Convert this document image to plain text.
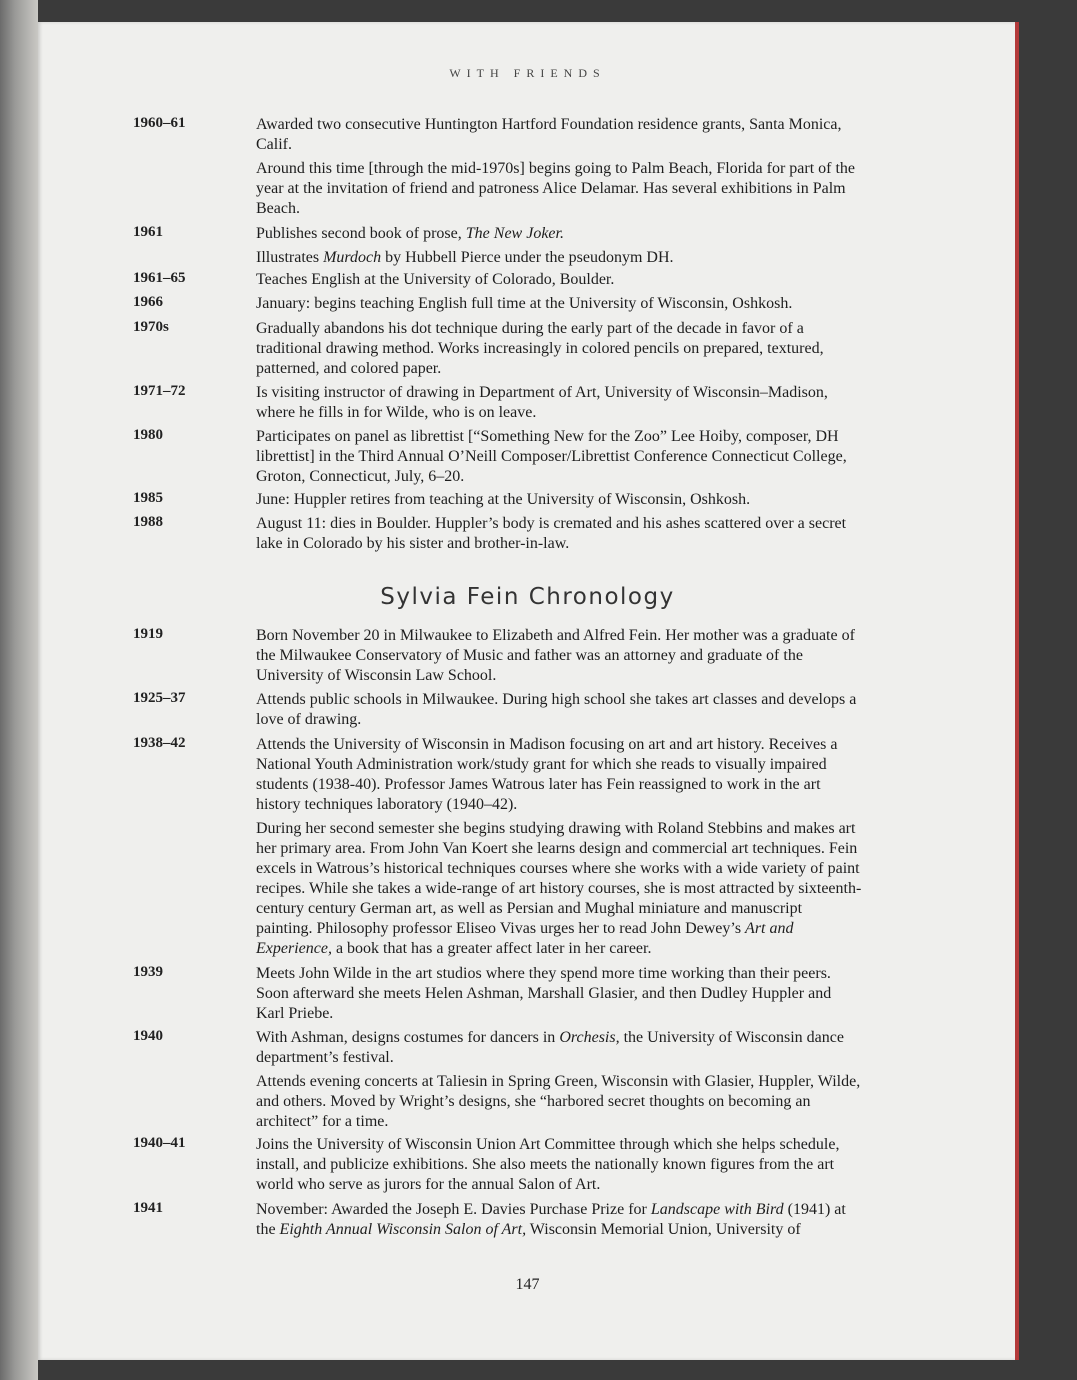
WITH FRIENDS
1960–61	Awarded two consecutive Huntington Hartford Foundation residence grants, Santa Monica, Calif.

Around this time [through the mid-1970s] begins going to Palm Beach, Florida for part of the year at the invitation of friend and patroness Alice Delamar. Has several exhibitions in Palm Beach.

1961	Publishes second book of prose, The New Joker.

Illustrates Murdoch by Hubbell Pierce under the pseudonym DH.

1961–65	Teaches English at the University of Colorado, Boulder.

1966	January: begins teaching English full time at the University of Wisconsin, Oshkosh.

1970s	Gradually abandons his dot technique during the early part of the decade in favor of a traditional drawing method. Works increasingly in colored pencils on prepared, textured, patterned, and colored paper.

1971–72	Is visiting instructor of drawing in Department of Art, University of Wisconsin–Madison, where he fills in for Wilde, who is on leave.

1980	Participates on panel as librettist [“Something New for the Zoo” Lee Hoiby, composer, DH librettist] in the Third Annual O’Neill Composer/Librettist Conference Connecticut College, Groton, Connecticut, July, 6–20.

1985	June: Huppler retires from teaching at the University of Wisconsin, Oshkosh.

1988	August 11: dies in Boulder. Huppler’s body is cremated and his ashes scattered over a secret lake in Colorado by his sister and brother-in-law.

Sylvia Fein Chronology
1919	Born November 20 in Milwaukee to Elizabeth and Alfred Fein. Her mother was a graduate of the Milwaukee Conservatory of Music and father was an attorney and graduate of the University of Wisconsin Law School.

1925–37	Attends public schools in Milwaukee. During high school she takes art classes and develops a love of drawing.

1938–42	Attends the University of Wisconsin in Madison focusing on art and art history. Receives a National Youth Administration work/study grant for which she reads to visually impaired students (1938-40). Professor James Watrous later has Fein reassigned to work in the art history techniques laboratory (1940–42).

During her second semester she begins studying drawing with Roland Stebbins and makes art her primary area. From John Van Koert she learns design and commercial art techniques. Fein excels in Watrous’s historical techniques courses where she works with a wide variety of paint recipes. While she takes a wide-range of art history courses, she is most attracted by sixteenth-century century German art, as well as Persian and Mughal miniature and manuscript painting. Philosophy professor Eliseo Vivas urges her to read John Dewey’s Art and Experience, a book that has a greater affect later in her career.

1939	Meets John Wilde in the art studios where they spend more time working than their peers. Soon afterward she meets Helen Ashman, Marshall Glasier, and then Dudley Huppler and Karl Priebe.

1940	With Ashman, designs costumes for dancers in Orchesis, the University of Wisconsin dance department’s festival.

Attends evening concerts at Taliesin in Spring Green, Wisconsin with Glasier, Huppler, Wilde, and others. Moved by Wright’s designs, she “harbored secret thoughts on becoming an architect” for a time.

1940–41	Joins the University of Wisconsin Union Art Committee through which she helps schedule, install, and publicize exhibitions. She also meets the nationally known figures from the art world who serve as jurors for the annual Salon of Art.

1941	November: Awarded the Joseph E. Davies Purchase Prize for Landscape with Bird (1941) at the Eighth Annual Wisconsin Salon of Art, Wisconsin Memorial Union, University of

147
